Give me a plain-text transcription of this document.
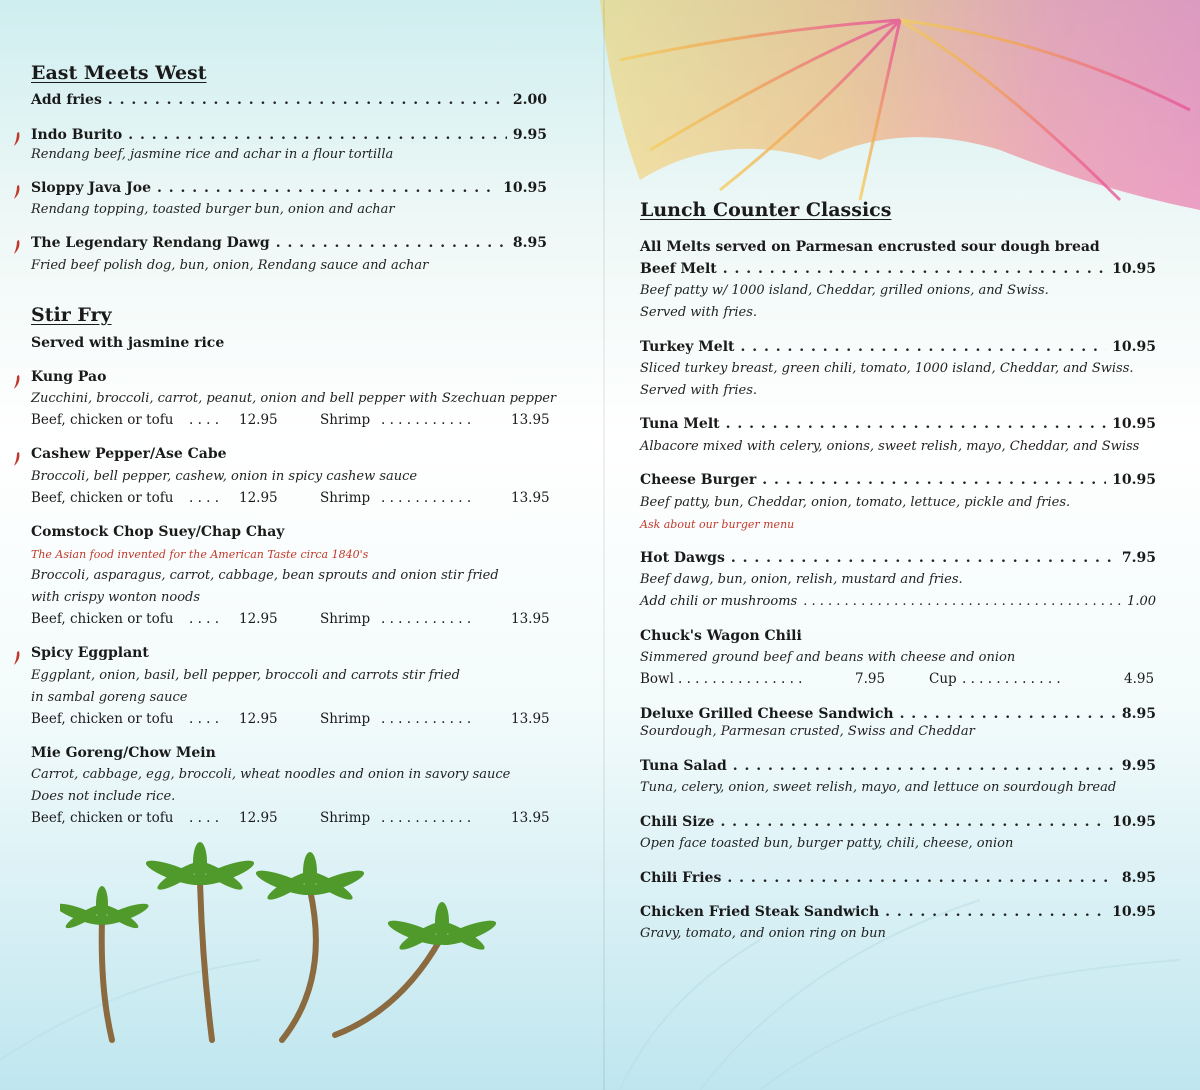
East Meets West
Add fries . . .	2.00
Indo Burito . . .	9.95
Rendang beef, jasmine rice and achar in a flour tortilla
Sloppy Java Joe . . .	10.95
Rendang topping, toasted burger bun, onion and achar
The Legendary Rendang Dawg . . .	8.95
Fried beef polish dog, bun, onion, Rendang sauce and achar
Stir Fry
Served with jasmine rice
Kung Pao
Zucchini, broccoli, carrot, peanut, onion and bell pepper with Szechuan pepper
Beef, chicken or tofu . . . . 12.95	Shrimp . . . . . . . . . . .	13.95
Cashew Pepper/Ase Cabe
Broccoli, bell pepper, cashew, onion in spicy cashew sauce
Beef, chicken or tofu . . . . 12.95	Shrimp . . . . . . . . . . .	13.95
Comstock Chop Suey/Chap Chay
The Asian food invented for the American Taste circa 1840's
Broccoli, asparagus, carrot, cabbage, bean sprouts and onion stir fried
with crispy wonton noods
Beef, chicken or tofu . . . . 12.95	Shrimp . . . . . . . . . . .	13.95
Spicy Eggplant
Eggplant, onion, basil, bell pepper, broccoli and carrots stir fried
in sambal goreng sauce
Beef, chicken or tofu . . . . 12.95	Shrimp . . . . . . . . . . .	13.95
Mie Goreng/Chow Mein
Carrot, cabbage, egg, broccoli, wheat noodles and onion in savory sauce
Does not include rice.
Beef, chicken or tofu . . . . 12.95	Shrimp . . . . . . . . . . .	13.95
Lunch Counter Classics
All Melts served on Parmesan encrusted sour dough bread
Beef Melt . . .	10.95
Beef patty w/ 1000 island, Cheddar, grilled onions, and Swiss.
Served with fries.
Turkey Melt . . .	10.95
Sliced turkey breast, green chili, tomato, 1000 island, Cheddar, and Swiss.
Served with fries.
Tuna Melt . . .	10.95
Albacore mixed with celery, onions, sweet relish, mayo, Cheddar, and Swiss
Cheese Burger . . .	10.95
Beef patty, bun, Cheddar, onion, tomato, lettuce, pickle and fries.
Ask about our burger menu
Hot Dawgs . . .	7.95
Beef dawg, bun, onion, relish, mustard and fries.
Add chili or mushrooms . . .	1.00
Chuck's Wagon Chili
Simmered ground beef and beans with cheese and onion
Bowl . . . . . . . . . . . . . . .	7.95	Cup . . . . . . . . . . . .	4.95
Deluxe Grilled Cheese Sandwich . . .	8.95
Sourdough, Parmesan crusted, Swiss and Cheddar
Tuna Salad . . .	9.95
Tuna, celery, onion, sweet relish, mayo, and lettuce on sourdough bread
Chili Size . . .	10.95
Open face toasted bun, burger patty, chili, cheese, onion
Chili Fries . . .	8.95
Chicken Fried Steak Sandwich . . .	10.95
Gravy, tomato, and onion ring on bun
